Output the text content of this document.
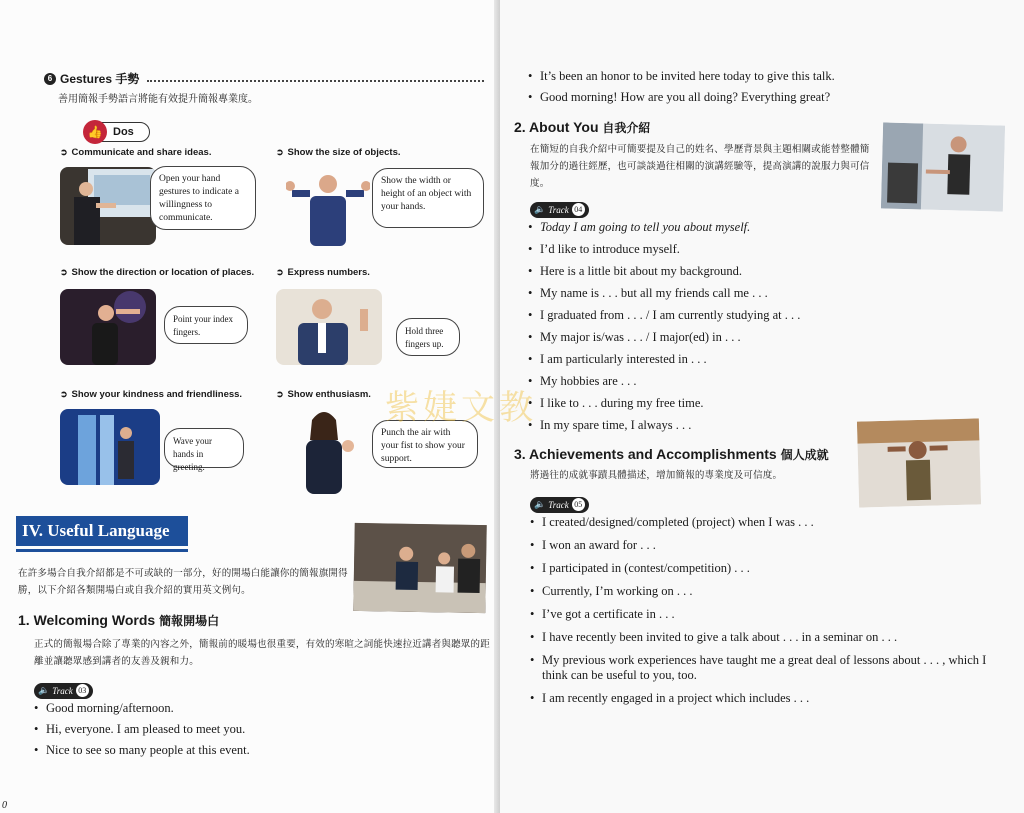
6 Gestures 手勢
善用簡報手勢語言將能有效提升簡報專業度。
👍 Dos
➲ Communicate and share ideas.
Open your hand gestures to indicate a willingness to communicate.
➲ Show the size of objects.
Show the width or height of an object with your hands.
➲ Show the direction or location of places.
Point your index fingers.
➲ Express numbers.
Hold three fingers up.
➲ Show your kindness and friendliness.
Wave your hands in greeting.
➲ Show enthusiasm.
Punch the air with your fist to show your support.
IV. Useful Language
在許多場合自我介紹都是不可或缺的一部分，好的開場白能讓你的簡報旗開得勝，以下介紹各類開場白或自我介紹的實用英文例句。
1. Welcoming Words 簡報開場白
正式的簡報場合除了專業的內容之外，簡報前的暖場也很重要，有效的寒暄之詞能快速拉近講者與聽眾的距離並讓聽眾感到講者的友善及親和力。
🔈 Track 03
• Good morning/afternoon.
• Hi, everyone. I am pleased to meet you.
• Nice to see so many people at this event.
0
• It’s been an honor to be invited here today to give this talk.
• Good morning! How are you all doing? Everything great?
2. About You 自我介紹
在簡短的自我介紹中可簡要提及自己的姓名、學歷背景與主題相關或能替整體簡報加分的過往經歷，也可談談過往相關的演講經驗等，提高演講的說服力與可信度。
🔈 Track 04
• Today I am going to tell you about myself.
• I’d like to introduce myself.
• Here is a little bit about my background.
• My name is . . . but all my friends call me . . .
• I graduated from . . . / I am currently studying at . . .
• My major is/was . . . / I major(ed) in . . .
• I am particularly interested in . . .
• My hobbies are . . .
• I like to . . . during my free time.
• In my spare time, I always . . .
3. Achievements and Accomplishments 個人成就
將過往的成就事蹟具體描述，增加簡報的專業度及可信度。
🔈 Track 05
• I created/designed/completed (project) when I was . . .
• I won an award for . . .
• I participated in (contest/competition) . . .
• Currently, I’m working on . . .
• I’ve got a certificate in . . .
• I have recently been invited to give a talk about . . . in a seminar on . . .
• My previous work experiences have taught me a great deal of lessons about . . . , which I think can be useful to you, too.
• I am recently engaged in a project which includes . . .
紫婕文教
